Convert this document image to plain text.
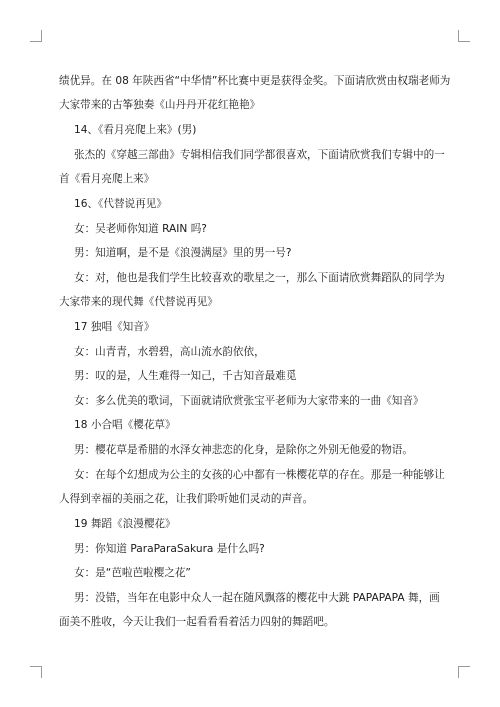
绩优异。在 08 年陕西省“中华情”杯比赛中更是获得金奖。下面请欣赏由权瑞老师为
大家带来的古筝独奏《山丹丹开花红艳艳》
14、《看月亮爬上来》(男)
张杰的《穿越三部曲》专辑相信我们同学都很喜欢，下面请欣赏我们专辑中的一
首《看月亮爬上来》
16、《代替说再见》
女：吴老师你知道 RAIN 吗?
男：知道啊，是不是《浪漫满屋》里的男一号?
女：对，他也是我们学生比较喜欢的歌星之一，那么下面请欣赏舞蹈队的同学为
大家带来的现代舞《代替说再见》
17 独唱《知音》
女：山青青，水碧碧，高山流水韵依依，
男：叹的是，人生难得一知己，千古知音最难觅
女：多么优美的歌词，下面就请欣赏张宝平老师为大家带来的一曲《知音》
18 小合唱《樱花草》
男：樱花草是希腊的水泽女神悲恋的化身，是除你之外别无他爱的物语。
女：在每个幻想成为公主的女孩的心中都有一株樱花草的存在。那是一种能够让
人得到幸福的美丽之花，让我们聆听她们灵动的声音。
19 舞蹈《浪漫樱花》
男：你知道 ParaParaSakura 是什么吗?
女：是“芭啦芭啦樱之花”
男：没错，当年在电影中众人一起在随风飘落的樱花中大跳 PAPAPAPA 舞，画
面美不胜收，今天让我们一起看看看着活力四射的舞蹈吧。
